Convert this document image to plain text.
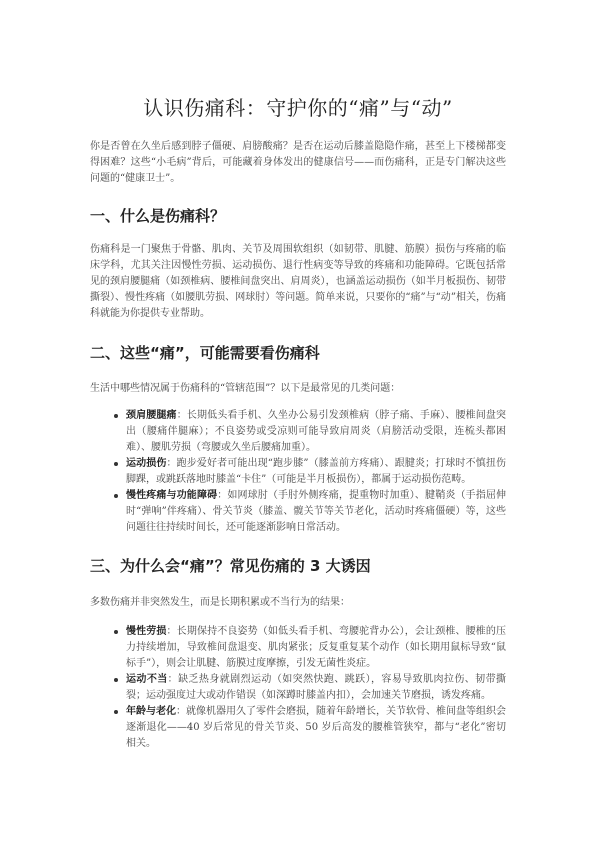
认识伤痛科：守护你的“痛”与“动”

你是否曾在久坐后感到脖子僵硬、肩膀酸痛？是否在运动后膝盖隐隐作痛，甚至上下楼梯都变得困难？这些“小毛病”背后，可能藏着身体发出的健康信号——而伤痛科，正是专门解决这些问题的“健康卫士”。

一、什么是伤痛科？

伤痛科是一门聚焦于骨骼、肌肉、关节及周围软组织（如韧带、肌腱、筋膜）损伤与疼痛的临床学科，尤其关注因慢性劳损、运动损伤、退行性病变等导致的疼痛和功能障碍。它既包括常见的颈肩腰腿痛（如颈椎病、腰椎间盘突出、肩周炎），也涵盖运动损伤（如半月板损伤、韧带撕裂）、慢性疼痛（如腰肌劳损、网球肘）等问题。简单来说，只要你的“痛”与“动”相关，伤痛科就能为你提供专业帮助。

二、这些“痛”，可能需要看伤痛科

生活中哪些情况属于伤痛科的“管辖范围”？以下是最常见的几类问题：

颈肩腰腿痛：长期低头看手机、久坐办公易引发颈椎病（脖子痛、手麻）、腰椎间盘突出（腰痛伴腿麻）；不良姿势或受凉则可能导致肩周炎（肩膀活动受限，连梳头都困难）、腰肌劳损（弯腰或久坐后腰痛加重）。
运动损伤：跑步爱好者可能出现“跑步膝”（膝盖前方疼痛）、跟腱炎；打球时不慎扭伤脚踝，或跳跃落地时膝盖“卡住”（可能是半月板损伤），都属于运动损伤范畴。
慢性疼痛与功能障碍：如网球肘（手肘外侧疼痛，提重物时加重）、腱鞘炎（手指屈伸时“弹响”伴疼痛）、骨关节炎（膝盖、髋关节等关节老化，活动时疼痛僵硬）等，这些问题往往持续时间长，还可能逐渐影响日常活动。
三、为什么会“痛”？常见伤痛的 3 大诱因

多数伤痛并非突然发生，而是长期积累或不当行为的结果：

慢性劳损：长期保持不良姿势（如低头看手机、弯腰驼背办公），会让颈椎、腰椎的压力持续增加，导致椎间盘退变、肌肉紧张；反复重复某个动作（如长期用鼠标导致“鼠标手”），则会让肌腱、筋膜过度摩擦，引发无菌性炎症。
运动不当：缺乏热身就剧烈运动（如突然快跑、跳跃），容易导致肌肉拉伤、韧带撕裂；运动强度过大或动作错误（如深蹲时膝盖内扣），会加速关节磨损，诱发疼痛。
年龄与老化：就像机器用久了零件会磨损，随着年龄增长，关节软骨、椎间盘等组织会逐渐退化——40 岁后常见的骨关节炎、50 岁后高发的腰椎管狭窄，都与“老化”密切相关。
